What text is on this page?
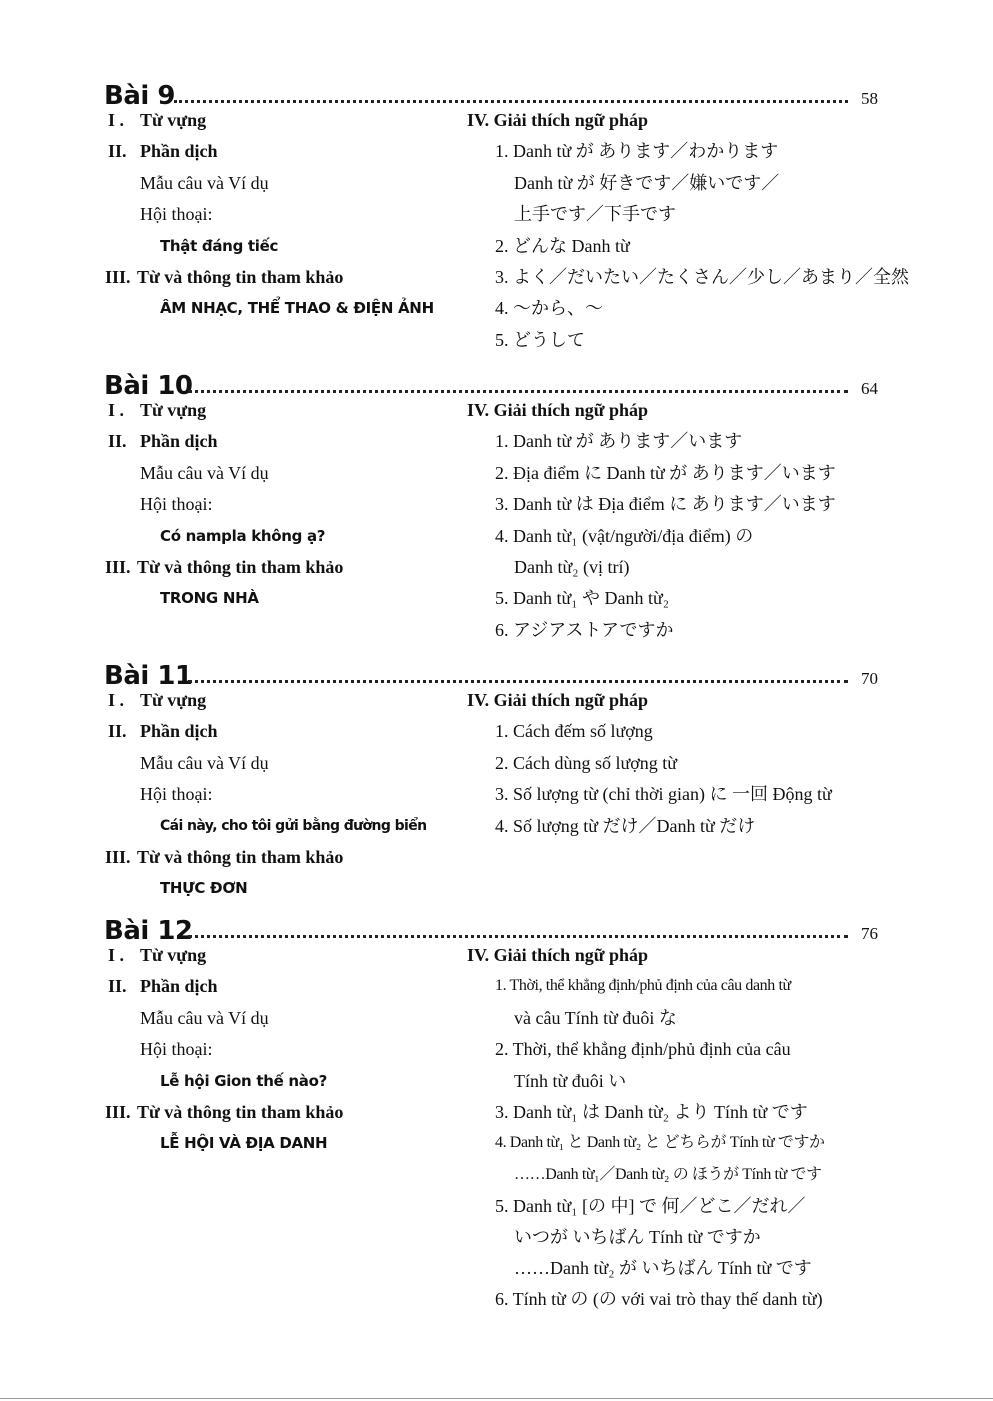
Bài 9	58
I . Từ vựng
II. Phần dịch
Mẫu câu và Ví dụ
Hội thoại:
Thật đáng tiếc
III. Từ và thông tin tham khảo
ÂM NHẠC, THỂ THAO & ĐIỆN ẢNH
IV. Giải thích ngữ pháp
1. Danh từ が あります／わかります
Danh từ が 好きです／嫌いです／
上手です／下手です
2. どんな Danh từ
3. よく／だいたい／たくさん／少し／あまり／全然
4. ～から、～
5. どうして
Bài 10	64
I . Từ vựng
II. Phần dịch
Mẫu câu và Ví dụ
Hội thoại:
Có nampla không ạ?
III. Từ và thông tin tham khảo
TRONG NHÀ
IV. Giải thích ngữ pháp
1. Danh từ が あります／います
2. Địa điểm に Danh từ が あります／います
3. Danh từ は Địa điểm に あります／います
4. Danh từ₁ (vật/người/địa điểm) の
Danh từ₂ (vị trí)
5. Danh từ₁ や Danh từ₂
6. アジアストアですか
Bài 11	70
I . Từ vựng
II. Phần dịch
Mẫu câu và Ví dụ
Hội thoại:
Cái này, cho tôi gửi bằng đường biển
III. Từ và thông tin tham khảo
THỰC ĐƠN
IV. Giải thích ngữ pháp
1. Cách đếm số lượng
2. Cách dùng số lượng từ
3. Số lượng từ (chỉ thời gian) に 一回 Động từ
4. Số lượng từ だけ／Danh từ だけ
Bài 12	76
I . Từ vựng
II. Phần dịch
Mẫu câu và Ví dụ
Hội thoại:
Lễ hội Gion thế nào?
III. Từ và thông tin tham khảo
LỄ HỘI VÀ ĐỊA DANH
IV. Giải thích ngữ pháp
1. Thời, thể khẳng định/phủ định của câu danh từ
và câu Tính từ đuôi な
2. Thời, thể khẳng định/phủ định của câu
Tính từ đuôi い
3. Danh từ₁ は Danh từ₂ より Tính từ です
4. Danh từ₁ と Danh từ₂ と どちらが Tính từ ですか
……Danh từ₁／Danh từ₂ の ほうが Tính từ です
5. Danh từ₁ [の 中] で 何／どこ／だれ／
いつが いちばん Tính từ ですか
……Danh từ₂ が いちばん Tính từ です
6. Tính từ の (の với vai trò thay thế danh từ)
